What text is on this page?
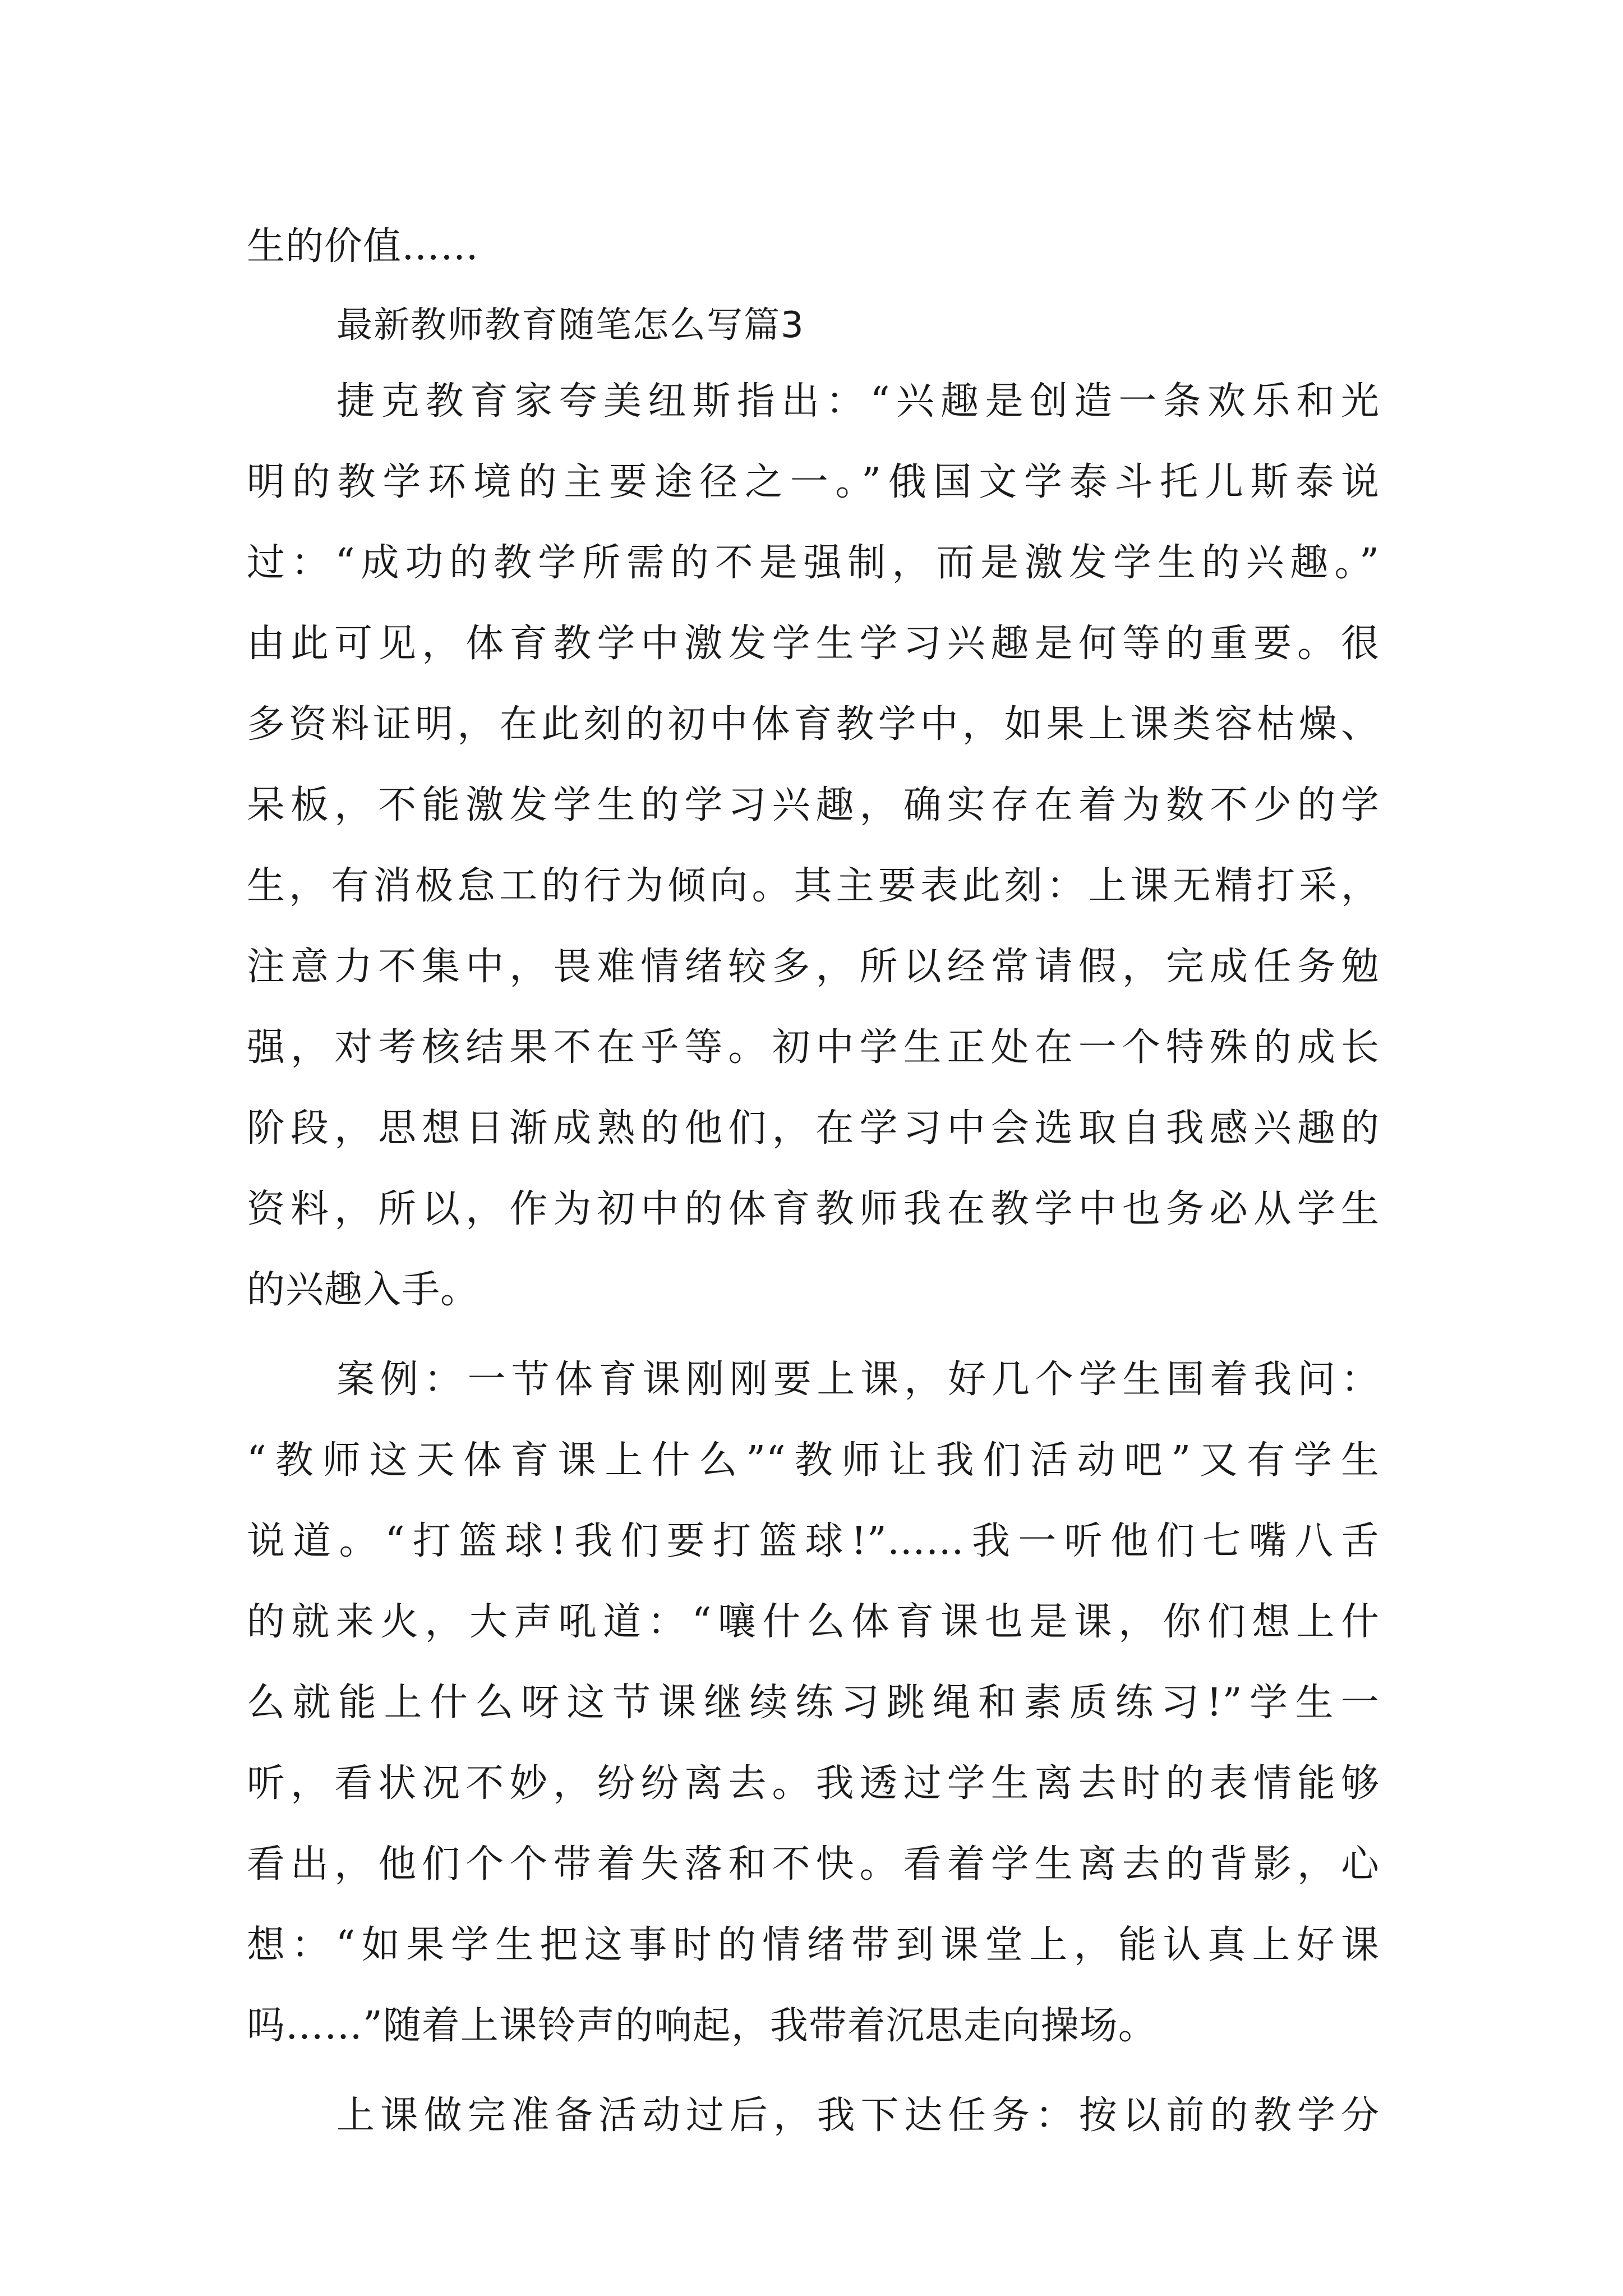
生的价值……
最新教师教育随笔怎么写篇3
捷克教育家夸美纽斯指出：“兴趣是创造一条欢乐和光
明的教学环境的主要途径之一。”俄国文学泰斗托儿斯泰说
过：“成功的教学所需的不是强制，而是激发学生的兴趣。”
由此可见，体育教学中激发学生学习兴趣是何等的重要。很
多资料证明，在此刻的初中体育教学中，如果上课类容枯燥、
呆板，不能激发学生的学习兴趣，确实存在着为数不少的学
生，有消极怠工的行为倾向。其主要表此刻：上课无精打采，
注意力不集中，畏难情绪较多，所以经常请假，完成任务勉
强，对考核结果不在乎等。初中学生正处在一个特殊的成长
阶段，思想日渐成熟的他们，在学习中会选取自我感兴趣的
资料，所以，作为初中的体育教师我在教学中也务必从学生
的兴趣入手。
案例：一节体育课刚刚要上课，好几个学生围着我问：
“教师这天体育课上什么”“教师让我们活动吧”又有学生
说道。“打篮球!我们要打篮球!”……我一听他们七嘴八舌
的就来火，大声吼道：“嚷什么体育课也是课，你们想上什
么就能上什么呀这节课继续练习跳绳和素质练习!”学生一
听，看状况不妙，纷纷离去。我透过学生离去时的表情能够
看出，他们个个带着失落和不快。看着学生离去的背影，心
想：“如果学生把这事时的情绪带到课堂上，能认真上好课
吗……”随着上课铃声的响起，我带着沉思走向操场。
上课做完准备活动过后，我下达任务：按以前的教学分
